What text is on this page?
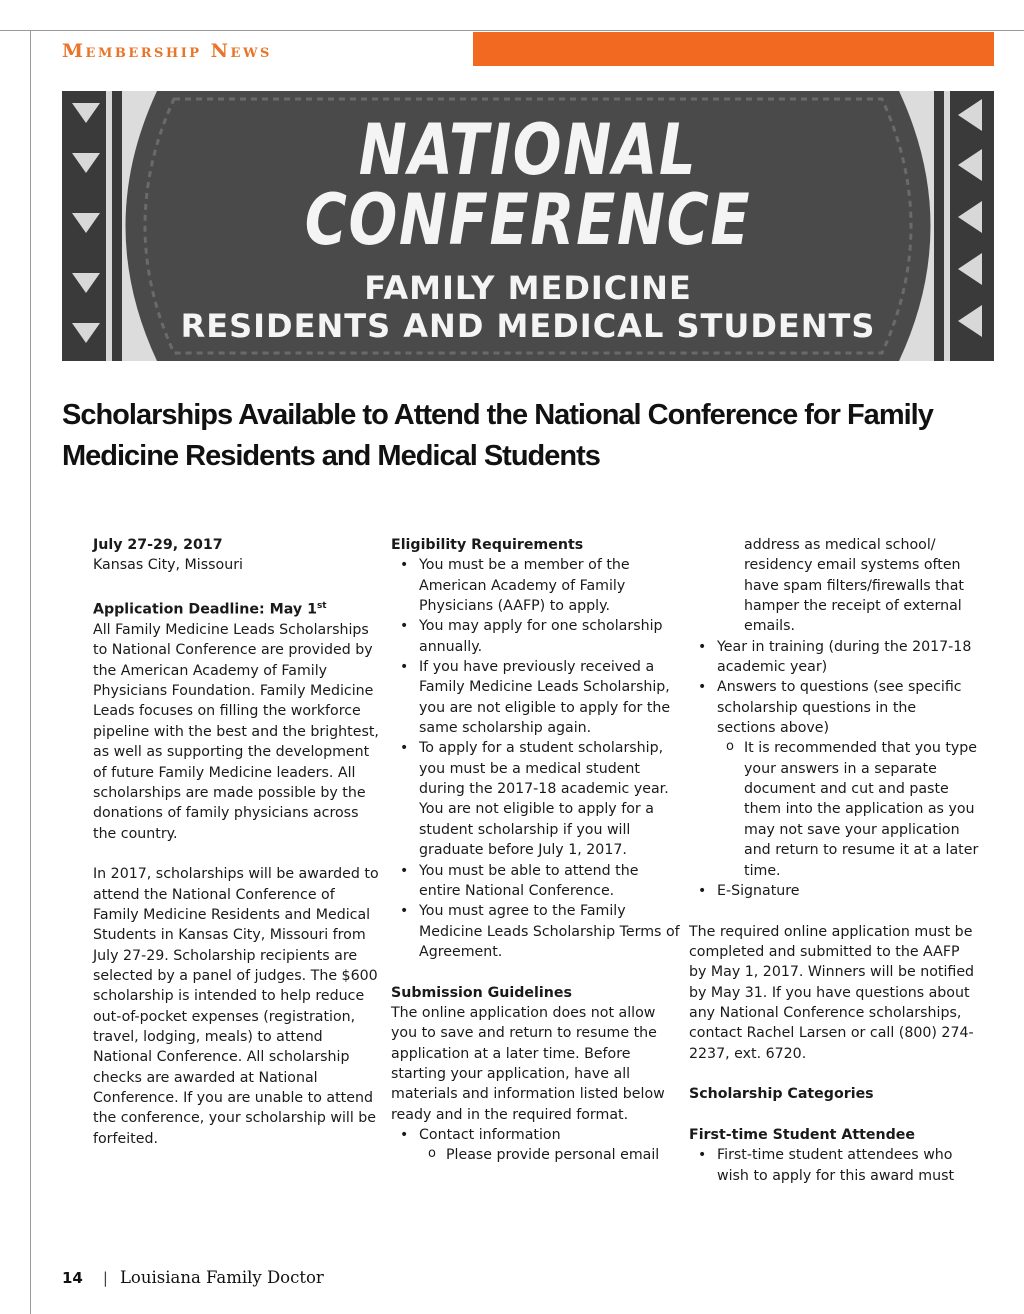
Membership News
NATIONAL
CONFERENCE
FAMILY MEDICINE
RESIDENTS AND MEDICAL STUDENTS
Scholarships Available to Attend the National Conference for Family Medicine Residents and Medical Students

July 27-29, 2017

Kansas City, Missouri

Application Deadline: May 1st

All Family Medicine Leads Scholarships to National Conference are provided by the American Academy of Family Physicians Foundation. Family Medicine Leads focuses on filling the workforce pipeline with the best and the brightest, as well as supporting the development of future Family Medicine leaders. All scholarships are made possible by the donations of family physicians across the country.

In 2017, scholarships will be awarded to attend the National Conference of Family Medicine Residents and Medical Students in Kansas City, Missouri from July 27-29. Scholarship recipients are selected by a panel of judges. The $600 scholarship is intended to help reduce out-of-pocket expenses (registration, travel, lodging, meals) to attend National Conference. All scholarship checks are awarded at National Conference. If you are unable to attend the conference, your scholarship will be forfeited.

Eligibility Requirements

• You must be a member of the American Academy of Family Physicians (AAFP) to apply.
• You may apply for one scholarship annually.
• If you have previously received a Family Medicine Leads Scholarship, you are not eligible to apply for the same scholarship again.
• To apply for a student scholarship, you must be a medical student during the 2017-18 academic year. You are not eligible to apply for a student scholarship if you will graduate before July 1, 2017.
• You must be able to attend the entire National Conference.
• You must agree to the Family Medicine Leads Scholarship Terms of Agreement.

Submission Guidelines

The online application does not allow you to save and return to resume the application at a later time. Before starting your application, have all materials and information listed below ready and in the required format.

• Contact information
o Please provide personal email

address as medical school/ residency email systems often have spam filters/firewalls that hamper the receipt of external emails.

• Year in training (during the 2017-18 academic year)
• Answers to questions (see specific scholarship questions in the sections above)
o It is recommended that you type your answers in a separate document and cut and paste them into the application as you may not save your application and return to resume it at a later time.
• E-Signature

The required online application must be completed and submitted to the AAFP by May 1, 2017. Winners will be notified by May 31. If you have questions about any National Conference scholarships, contact Rachel Larsen or call (800) 274-2237, ext. 6720.

Scholarship Categories

First-time Student Attendee

• First-time student attendees who wish to apply for this award must
14 | Louisiana Family Doctor
